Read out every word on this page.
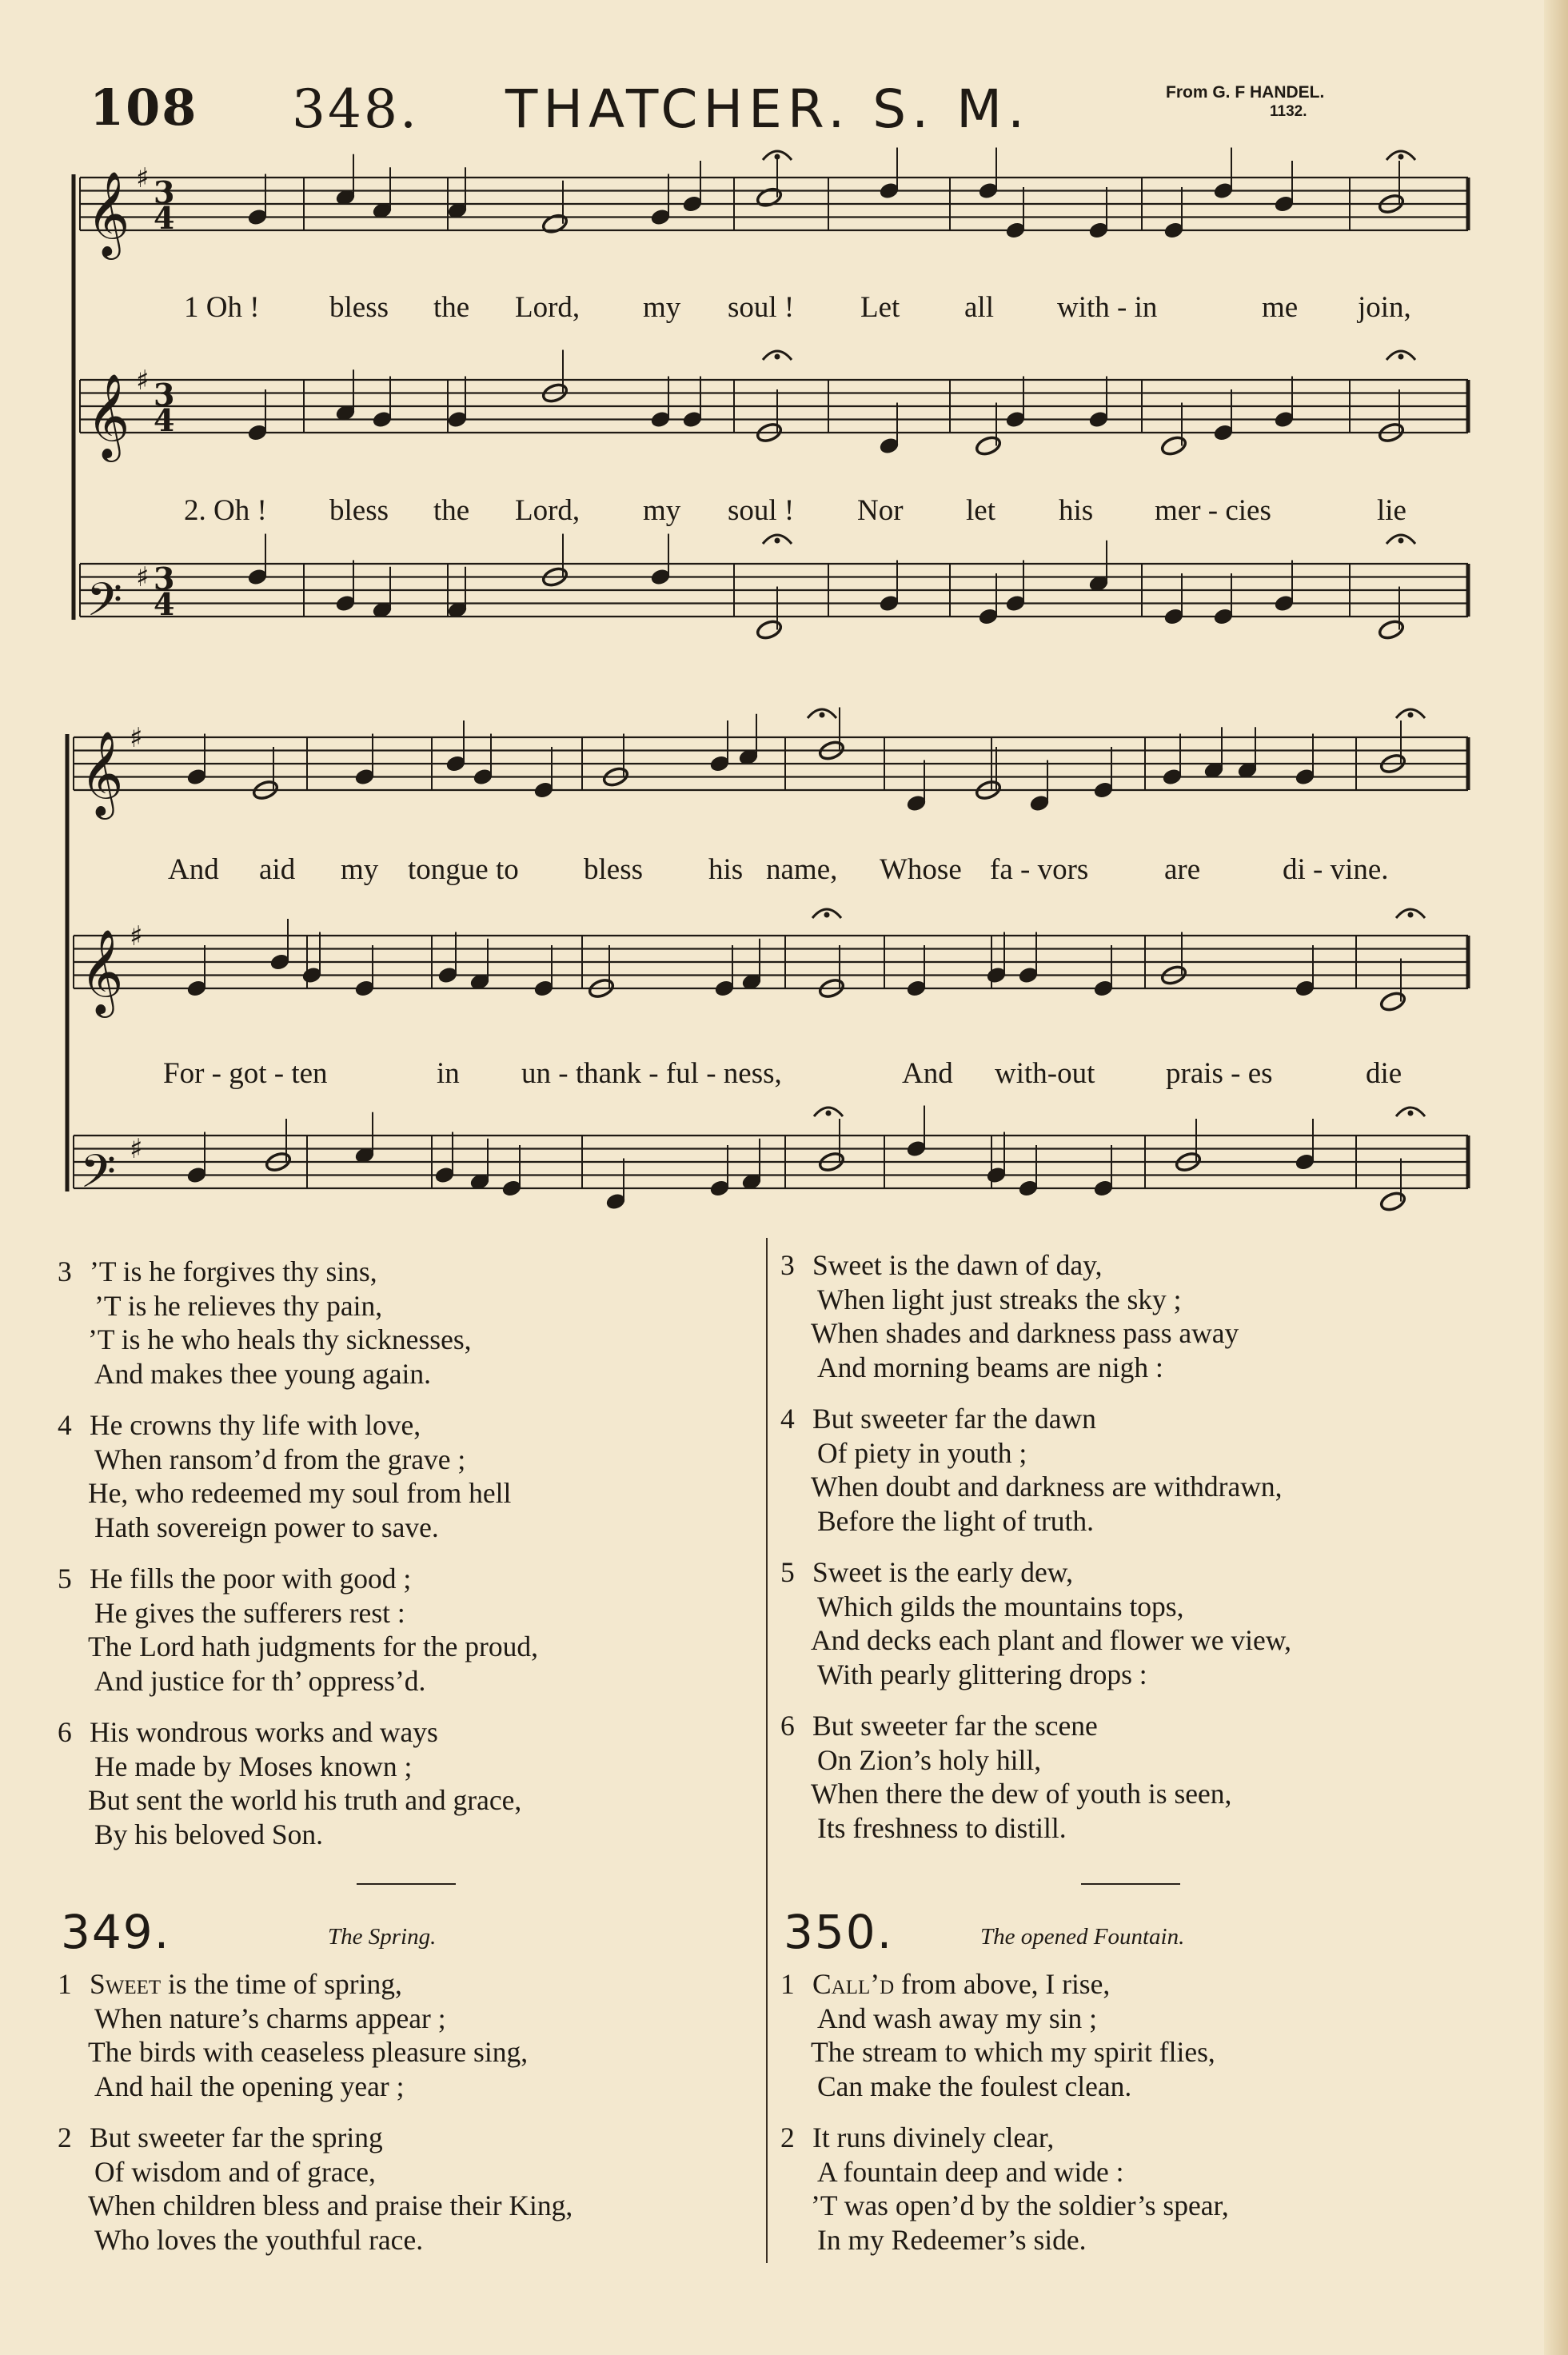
108 348. THATCHER. S. M.	From G. F HANDEL.
1132.
𝄞 ♯ 3
4
𝄞 ♯ 3
4
𝄢 ♯ 3
4
𝄞 ♯
𝄞 ♯
𝄢 ♯
1 Oh ! bless the Lord, my soul ! Let all with - in	me join,
2. Oh ! bless the Lord, my soul ! Nor let his mer - cies	lie
And aid my tongue to bless his name, Whose fa - vors	are	di - vine.
For - got - ten	in un - thank - ful - ness,	And with-out prais - es	die
3 ’T is he forgives thy sins,
’T is he relieves thy pain,
’T is he who heals thy sicknesses,
And makes thee young again.
4 He crowns thy life with love,
When ransom’d from the grave ;
He, who redeemed my soul from hell
Hath sovereign power to save.
5 He fills the poor with good ;
He gives the sufferers rest :
The Lord hath judgments for the proud,
And justice for th’ oppress’d.
6 His wondrous works and ways
He made by Moses known ;
But sent the world his truth and grace,
By his beloved Son.
3 Sweet is the dawn of day,
When light just streaks the sky ;
When shades and darkness pass away
And morning beams are nigh :
4 But sweeter far the dawn
Of piety in youth ;
When doubt and darkness are withdrawn,
Before the light of truth.
5 Sweet is the early dew,
Which gilds the mountains tops,
And decks each plant and flower we view,
With pearly glittering drops :
6 But sweeter far the scene
On Zion’s holy hill,
When there the dew of youth is seen,
Its freshness to distill.
349.	The Spring.
1 Sweet is the time of spring,
When nature’s charms appear ;
The birds with ceaseless pleasure sing,
And hail the opening year ;
2 But sweeter far the spring
Of wisdom and of grace,
When children bless and praise their King,
Who loves the youthful race.
350.	The opened Fountain.
1 Call’d from above, I rise,
And wash away my sin ;
The stream to which my spirit flies,
Can make the foulest clean.
2 It runs divinely clear,
A fountain deep and wide :
’T was open’d by the soldier’s spear,
In my Redeemer’s side.
